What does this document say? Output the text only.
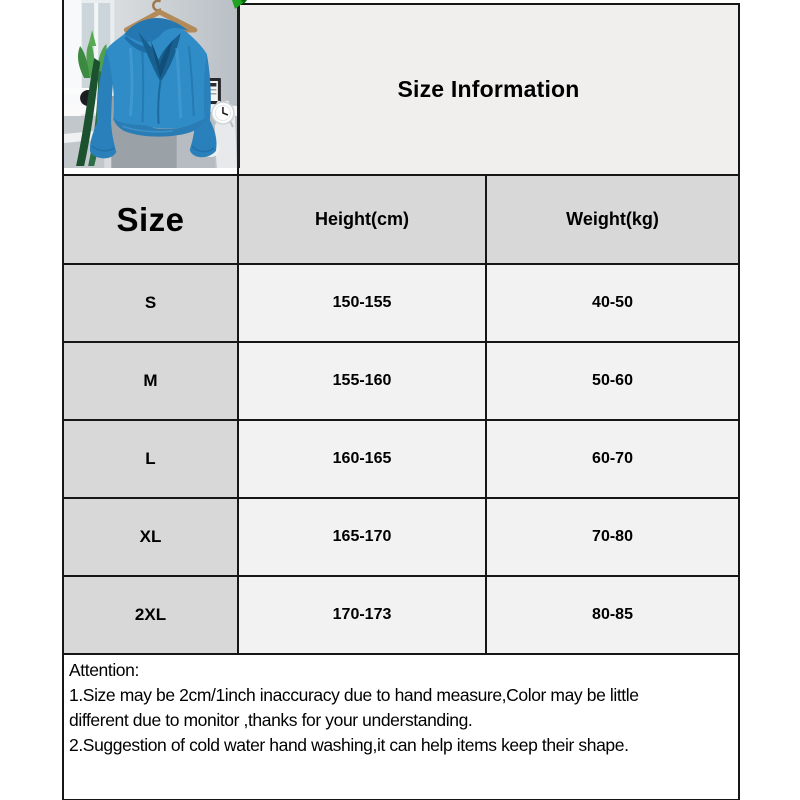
	Size Information	
Size	Height(cm)	Weight(kg)
S	150-155	40-50
M	155-160	50-60
L	160-165	60-70
XL	165-170	70-80
2XL	170-173	80-85

Attention:
1.Size may be 2cm/1inch inaccuracy due to hand measure,Color may be little
different due to monitor ,thanks for your understanding.
2.Suggestion of cold water hand washing,it can help items keep their shape.		
